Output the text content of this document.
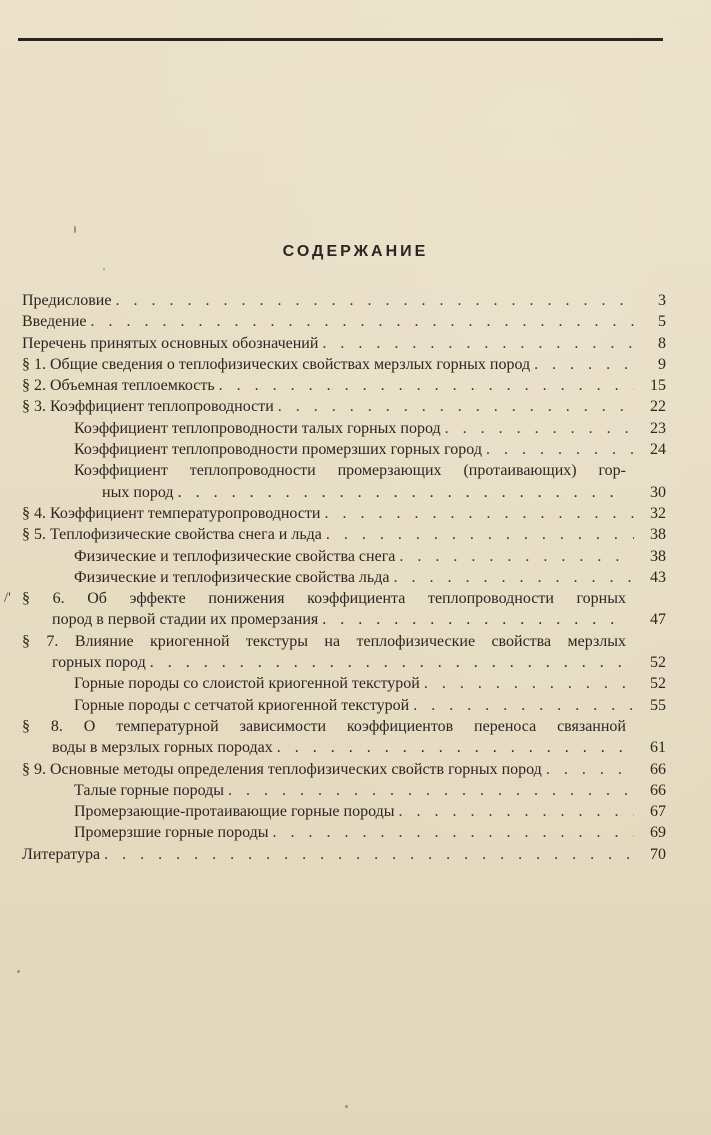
СОДЕРЖАНИЕ
Предисловие . . .	3
Введение . . .	5
Перечень принятых основных обозначений . . .	8
§ 1. Общие сведения о теплофизических свойствах мерзлых горных пород . . .	9
§ 2. Объемная теплоемкость . . .	15
§ 3. Коэффициент теплопроводности . . .	22
Коэффициент теплопроводности талых горных пород . . .	23
Коэффициент теплопроводности промерзших горных город . . .	24
Коэффициент теплопроводности промерзающих (протаивающих) гор-
ных пород . . .	30
§ 4. Коэффициент температуропроводности . . .	32
§ 5. Теплофизические свойства снега и льда . . .	38
Физические и теплофизические свойства снега . . .	38
Физические и теплофизические свойства льда . . .	43
/' § 6. Об эффекте понижения коэффициента теплопроводности горных
пород в первой стадии их промерзания . . .	47
§ 7. Влияние криогенной текстуры на теплофизические свойства мерзлых
горных пород . . .	52
Горные породы со слоистой криогенной текстурой . . .	52
Горные породы с сетчатой криогенной текстурой . . .	55
§ 8. О температурной зависимости коэффициентов переноса связанной
воды в мерзлых горных породах . . .	61
§ 9. Основные методы определения теплофизических свойств горных пород . . .	66
Талые горные породы . . .	66
Промерзающие-протаивающие горные породы . . .	67
Промерзшие горные породы . . .	69
Литература . . .	70
